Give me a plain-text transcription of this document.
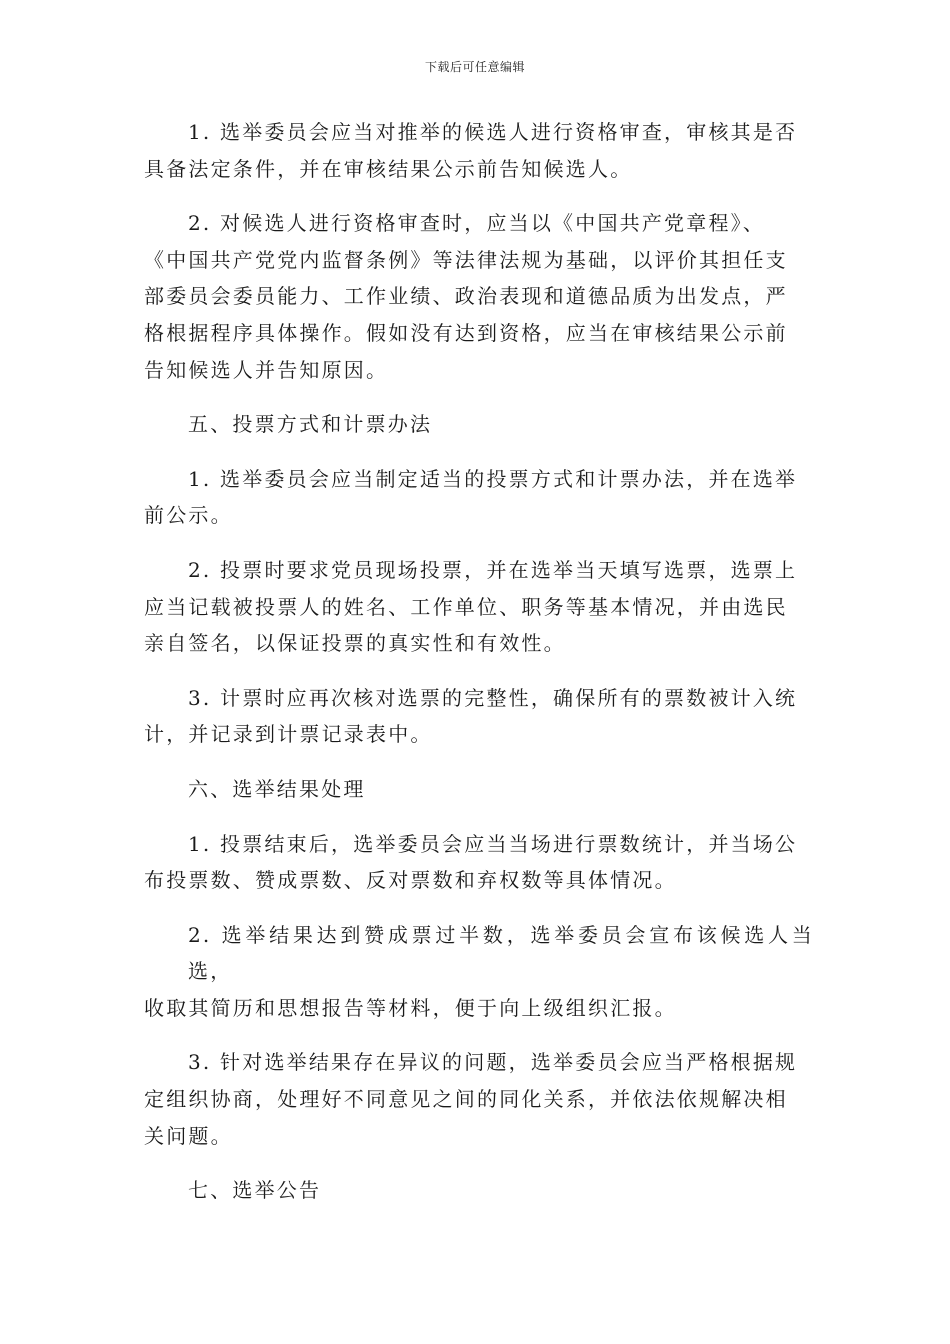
下载后可任意编辑
1. 选举委员会应当对推举的候选人进行资格审查，审核其是否
具备法定条件，并在审核结果公示前告知候选人。
2. 对候选人进行资格审查时，应当以《中国共产党章程》、
《中国共产党党内监督条例》等法律法规为基础，以评价其担任支
部委员会委员能力、工作业绩、政治表现和道德品质为出发点，严
格根据程序具体操作。假如没有达到资格，应当在审核结果公示前
告知候选人并告知原因。
五、投票方式和计票办法
1. 选举委员会应当制定适当的投票方式和计票办法，并在选举
前公示。
2. 投票时要求党员现场投票，并在选举当天填写选票，选票上
应当记载被投票人的姓名、工作单位、职务等基本情况，并由选民
亲自签名，以保证投票的真实性和有效性。
3. 计票时应再次核对选票的完整性，确保所有的票数被计入统
计，并记录到计票记录表中。
六、选举结果处理
1. 投票结束后，选举委员会应当当场进行票数统计，并当场公
布投票数、赞成票数、反对票数和弃权数等具体情况。
2. 选举结果达到赞成票过半数，选举委员会宣布该候选人当选，
收取其简历和思想报告等材料，便于向上级组织汇报。
3. 针对选举结果存在异议的问题，选举委员会应当严格根据规
定组织协商，处理好不同意见之间的同化关系，并依法依规解决相
关问题。
七、选举公告
